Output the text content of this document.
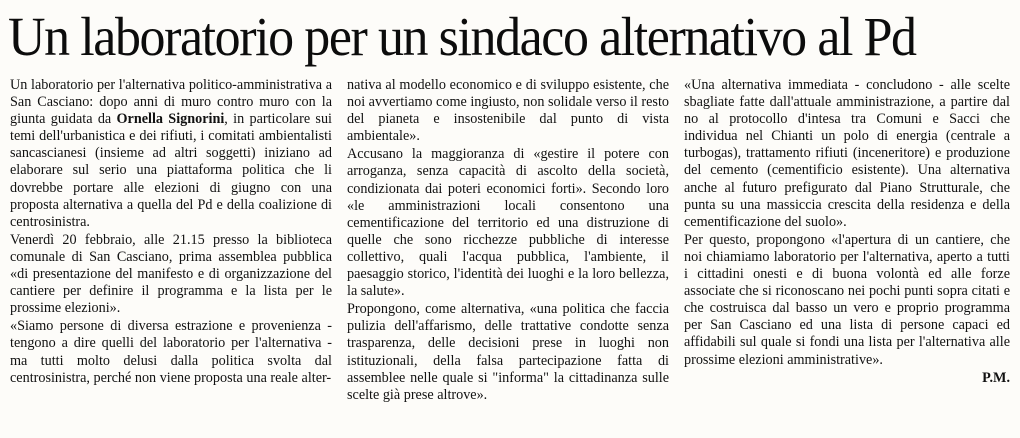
Un laboratorio per un sindaco alternativo al Pd

Un laboratorio per l'alternativa politico-amministrativa a San Casciano: dopo anni di muro contro muro con la giunta guidata da Ornella Signorini, in particolare sui temi dell'urbanistica e dei rifiuti, i comitati ambientalisti sancascianesi (insieme ad altri soggetti) iniziano ad elaborare sul serio una piattaforma politica che li dovrebbe portare alle elezioni di giugno con una proposta alternativa a quella del Pd e della coalizione di centrosinistra.

Venerdì 20 febbraio, alle 21.15 presso la biblioteca comunale di San Casciano, prima assemblea pubblica «di presentazione del manifesto e di organizzazione del cantiere per definire il programma e la lista per le prossime elezioni».

«Siamo persone di diversa estrazione e provenienza - tengono a dire quelli del laboratorio per l'alternativa - ma tutti molto delusi dalla politica svolta dal centrosinistra, perché non viene proposta una reale alter-

nativa al modello economico e di sviluppo esistente, che noi avvertiamo come ingiusto, non solidale verso il resto del pianeta e insostenibile dal punto di vista ambientale».

Accusano la maggioranza di «gestire il potere con arroganza, senza capacità di ascolto della società, condizionata dai poteri economici forti». Secondo loro «le amministrazioni locali consentono una cementificazione del territorio ed una distruzione di quelle che sono ricchezze pubbliche di interesse collettivo, quali l'acqua pubblica, l'ambiente, il paesaggio storico, l'identità dei luoghi e la loro bellezza, la salute».

Propongono, come alternativa, «una politica che faccia pulizia dell'affarismo, delle trattative condotte senza trasparenza, delle decisioni prese in luoghi non istituzionali, della falsa partecipazione fatta di assemblee nelle quale si "informa" la cittadinanza sulle scelte già prese altrove».

«Una alternativa immediata - concludono - alle scelte sbagliate fatte dall'attuale amministrazione, a partire dal no al protocollo d'intesa tra Comuni e Sacci che individua nel Chianti un polo di energia (centrale a turbogas), trattamento rifiuti (inceneritore) e produzione del cemento (cementificio esistente). Una alternativa anche al futuro prefigurato dal Piano Strutturale, che punta su una massiccia crescita della residenza e della cementificazione del suolo».

Per questo, propongono «l'apertura di un cantiere, che noi chiamiamo laboratorio per l'alternativa, aperto a tutti i cittadini onesti e di buona volontà ed alle forze associate che si riconoscano nei pochi punti sopra citati e che costruisca dal basso un vero e proprio programma per San Casciano ed una lista di persone capaci ed affidabili sul quale si fondi una lista per l'alternativa alle prossime elezioni amministrative».

P.M.
